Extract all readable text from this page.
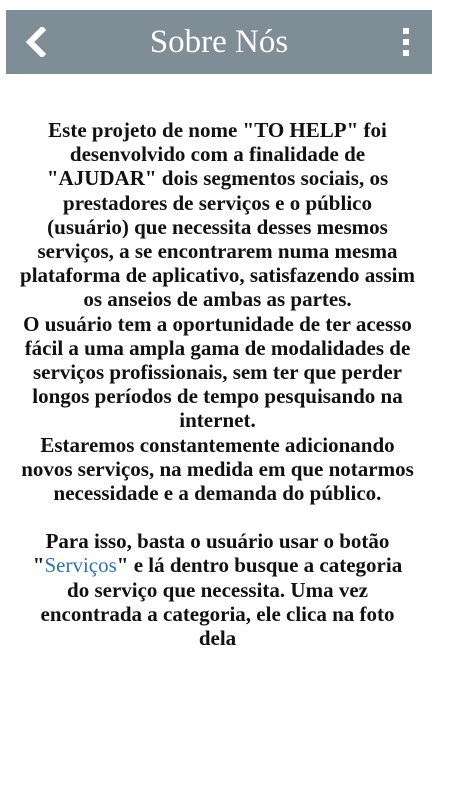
Sobre Nós

Este projeto de nome "TO HELP" foi desenvolvido com a finalidade de "AJUDAR" dois segmentos sociais, os prestadores de serviços e o público (usuário) que necessita desses mesmos serviços, a se encontrarem numa mesma plataforma de aplicativo, satisfazendo assim os anseios de ambas as partes.

O usuário tem a oportunidade de ter acesso fácil a uma ampla gama de modalidades de serviços profissionais, sem ter que perder longos períodos de tempo pesquisando na internet.

Estaremos constantemente adicionando novos serviços, na medida em que notarmos necessidade e a demanda do público.

Para isso, basta o usuário usar o botão "Serviços" e lá dentro busque a categoria do serviço que necessita. Uma vez encontrada a categoria, ele clica na foto dela
